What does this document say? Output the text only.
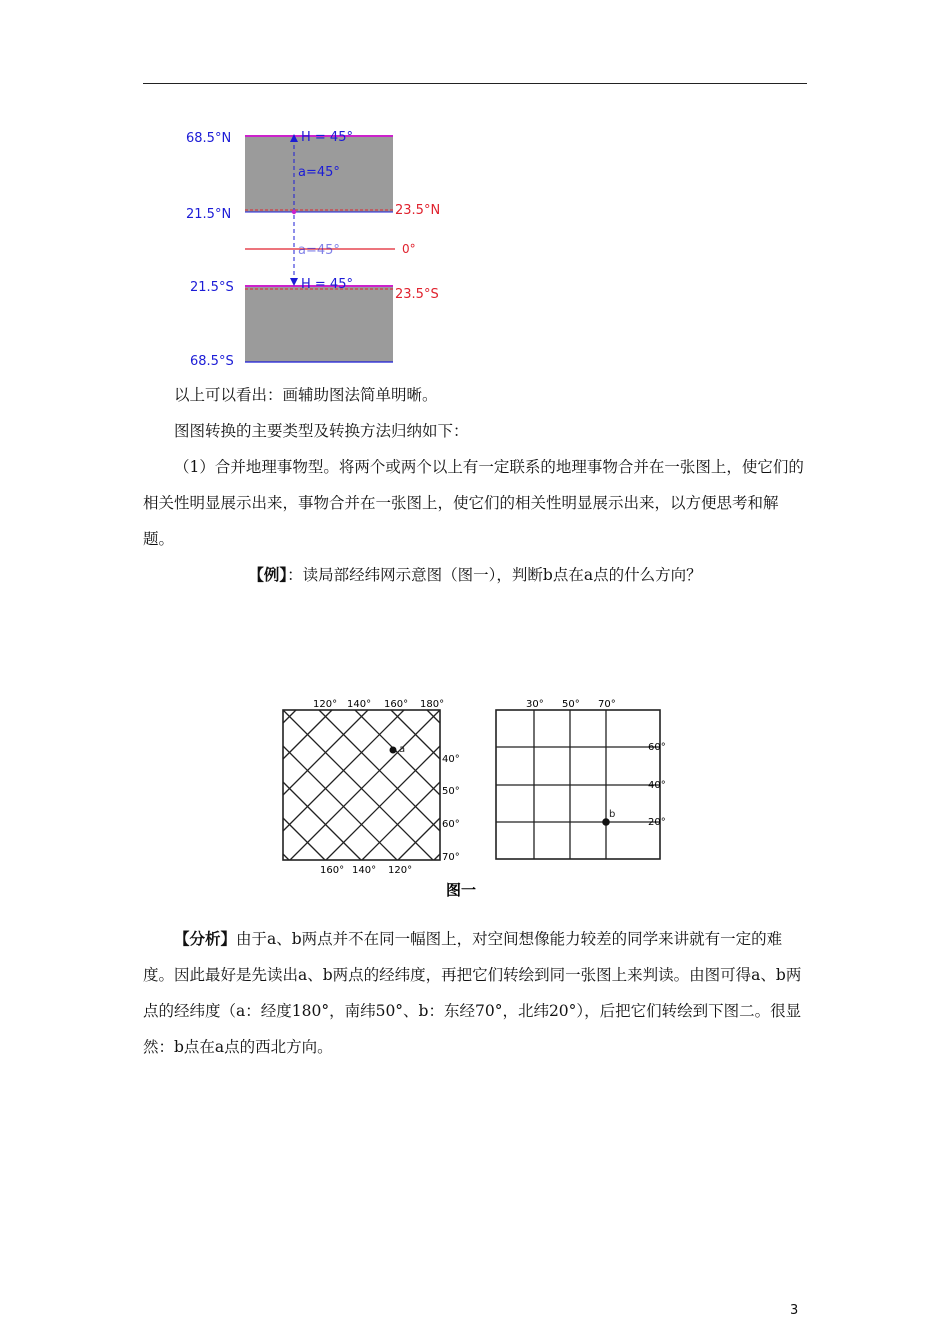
68.5°N
21.5°N
21.5°S
68.5°S
23.5°N
0°
23.5°S
H = 45°
a=45°
a=45°
H = 45°

以上可以看出：画辅助图法简单明晰。

图图转换的主要类型及转换方法归纳如下：

（1）合并地理事物型。将两个或两个以上有一定联系的地理事物合并在一张图上，使它们的相关性明显展示出来，事物合并在一张图上，使它们的相关性明显展示出来，以方便思考和解题。

【例】：读局部经纬网示意图（图一），判断b点在a点的什么方向？

a
120° 140° 160° 180°
160° 140° 120°
40°
50°
60°
70°
b
30° 50° 70°
60°
40°
20°
图一

【分析】由于a、b两点并不在同一幅图上，对空间想像能力较差的同学来讲就有一定的难度。因此最好是先读出a、b两点的经纬度，再把它们转绘到同一张图上来判读。由图可得a、b两点的经纬度（a：经度180°，南纬50°、b：东经70°，北纬20°），后把它们转绘到下图二。很显然：b点在a点的西北方向。

3
